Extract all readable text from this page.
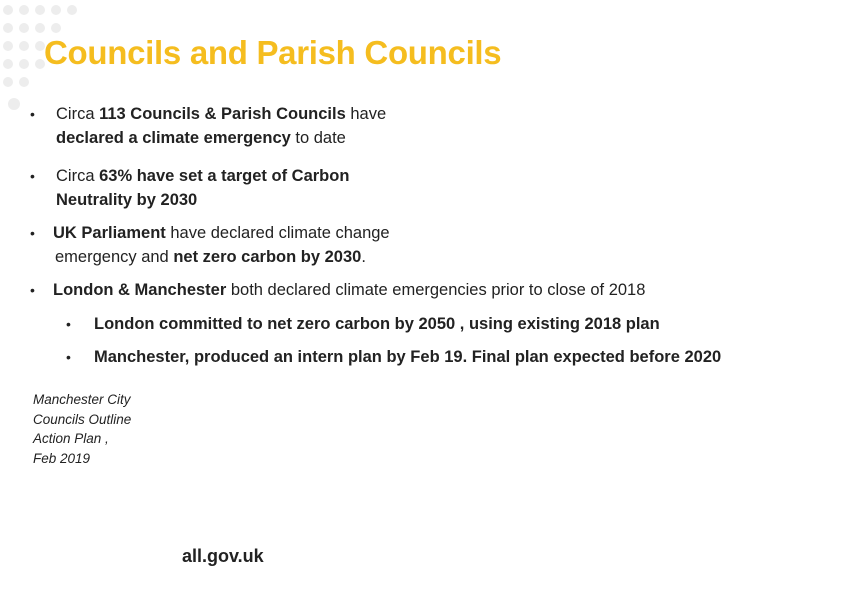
Councils and Parish Councils
• Circa 113 Councils & Parish Councils have
declared a climate emergency to date
• Circa 63% have set a target of Carbon
Neutrality by 2030
• UK Parliament have declared climate change
emergency and net zero carbon by 2030.
• London & Manchester both declared climate emergencies prior to close of 2018
• London committed to net zero carbon by 2050 , using existing 2018 plan
• Manchester, produced an intern plan by Feb 19. Final plan expected before 2020
Manchester City
Councils Outline
Action Plan ,
Feb 2019
all.gov.uk
